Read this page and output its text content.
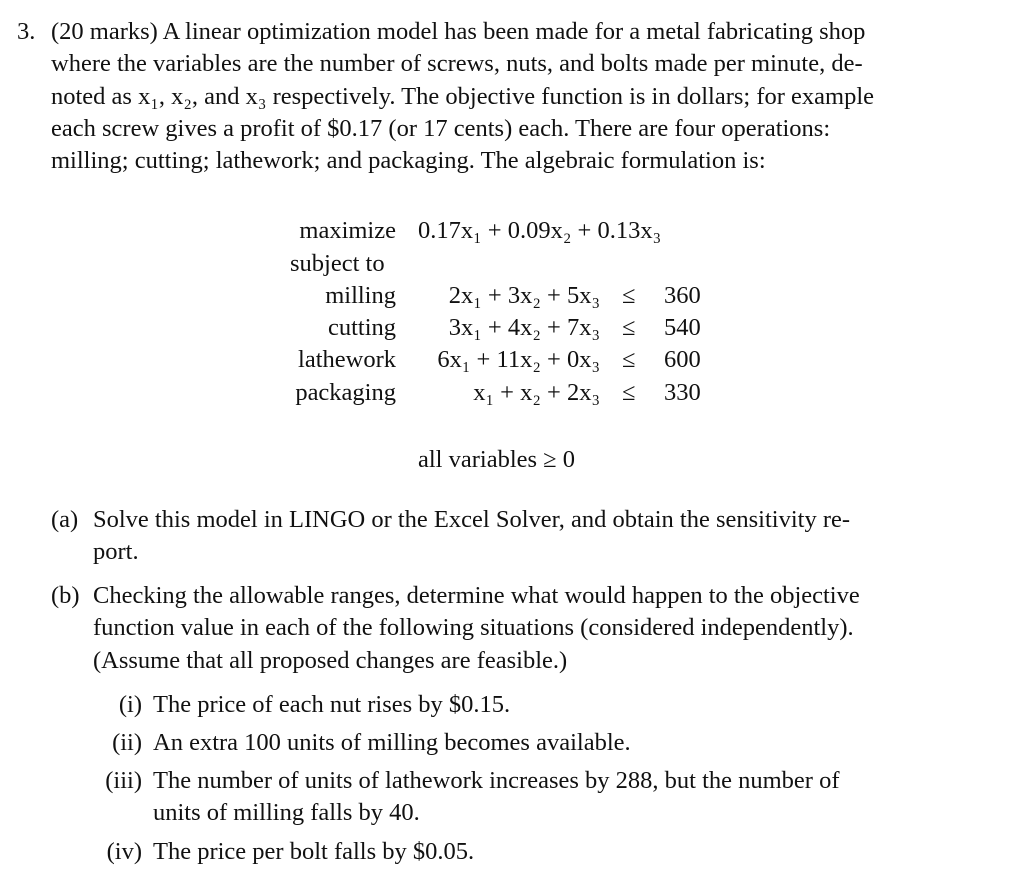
3. (20 marks) A linear optimization model has been made for a metal fabricating shop
where the variables are the number of screws, nuts, and bolts made per minute, de-
noted as x₁, x₂, and x₃ respectively. The objective function is in dollars; for example
each screw gives a profit of $0.17 (or 17 cents) each. There are four operations:
milling; cutting; lathework; and packaging. The algebraic formulation is:
maximize 0.17x₁ + 0.09x₂ + 0.13x₃
subject to
milling	2x₁ + 3x₂ + 5x₃ ≤ 360
cutting	3x₁ + 4x₂ + 7x₃ ≤ 540
lathework	6x₁ + 11x₂ + 0x₃ ≤ 600
packaging	x₁ + x₂ + 2x₃ ≤ 330
all variables ≥ 0
(a) Solve this model in LINGO or the Excel Solver, and obtain the sensitivity re-
port.
(b) Checking the allowable ranges, determine what would happen to the objective
function value in each of the following situations (considered independently).
(Assume that all proposed changes are feasible.)
(i) The price of each nut rises by $0.15.
(ii) An extra 100 units of milling becomes available.
(iii) The number of units of lathework increases by 288, but the number of
units of milling falls by 40.
(iv) The price per bolt falls by $0.05.
